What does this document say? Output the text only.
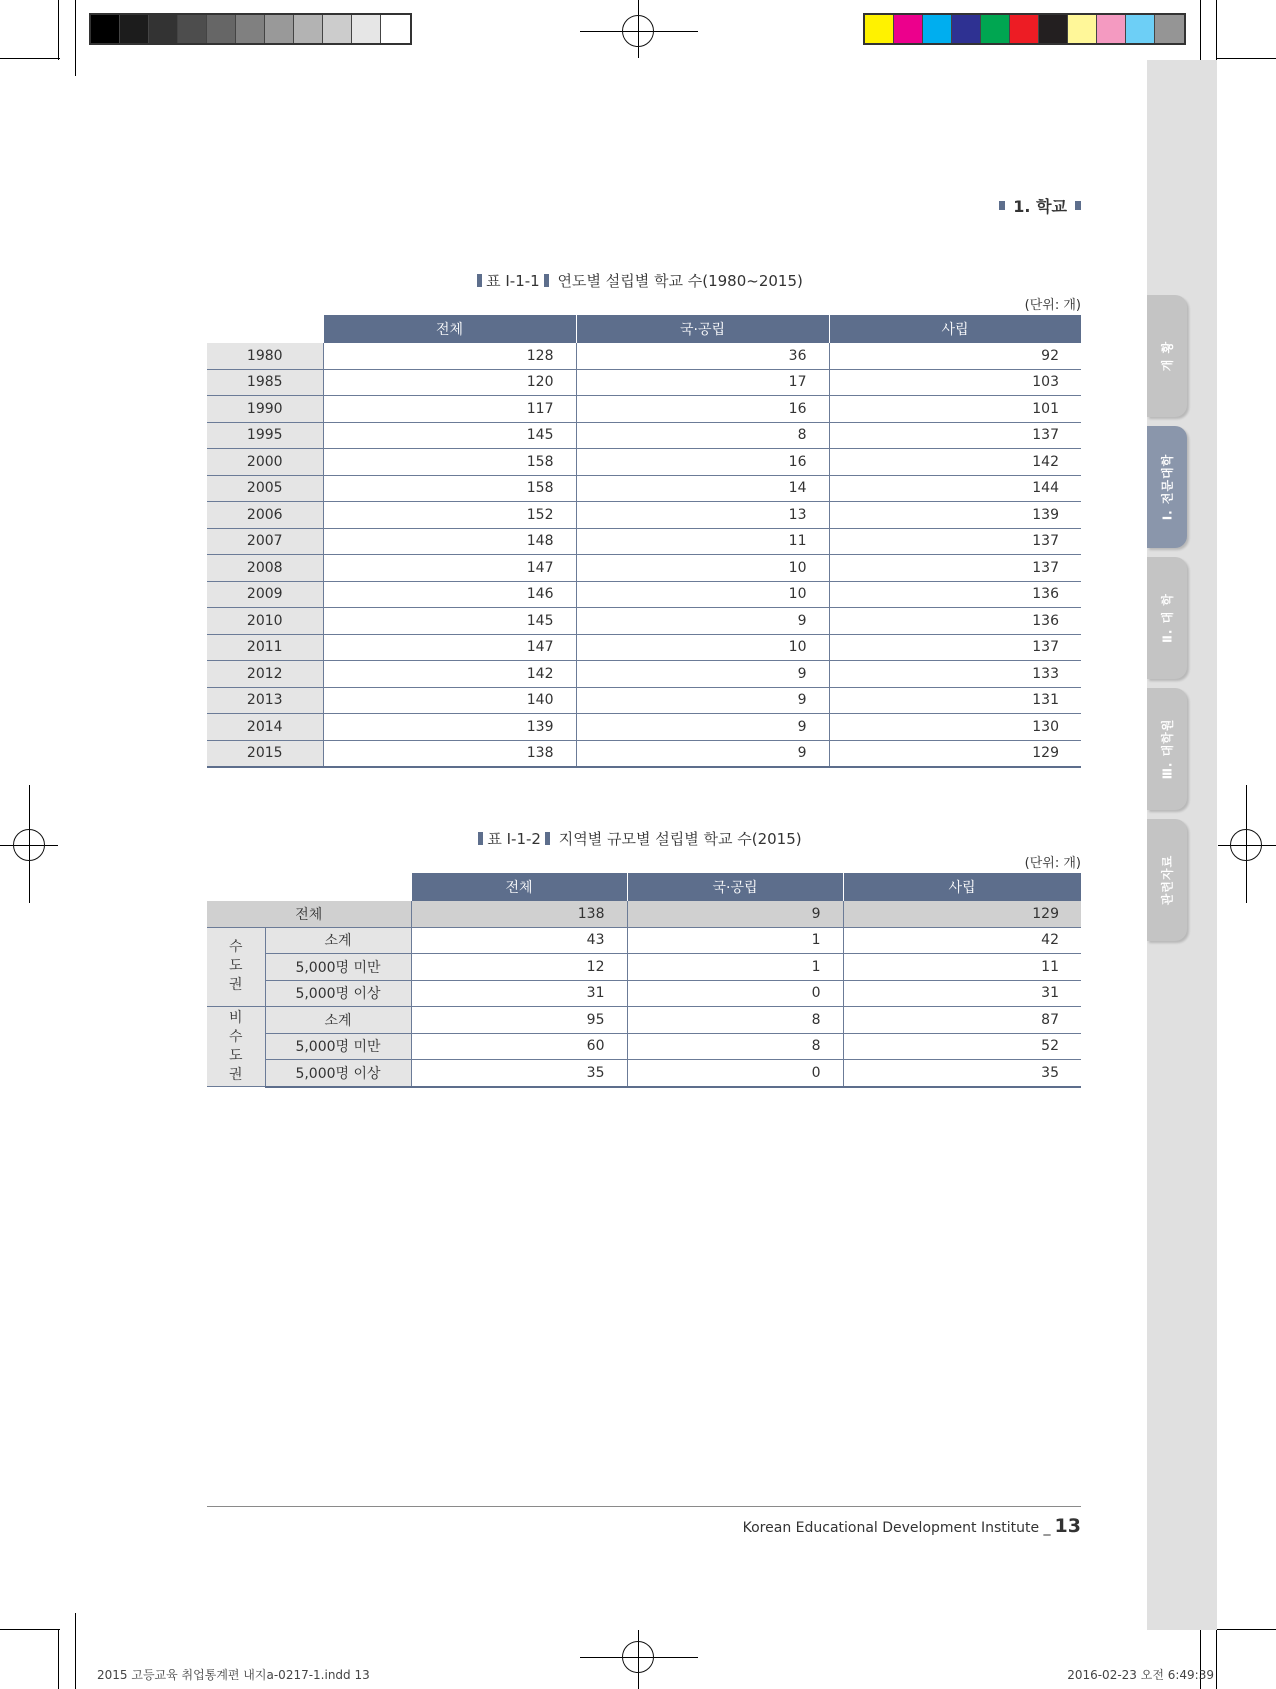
개 황
Ⅰ. 전문대학
Ⅱ. 대 학
Ⅲ. 대학원
관련자료
1. 학교
표 Ⅰ-1-1 연도별 설립별 학교 수(1980~2015)
(단위: 개)
	전체	국·공립	사립
1980	128	36	92
1985	120	17	103
1990	117	16	101
1995	145	8	137
2000	158	16	142
2005	158	14	144
2006	152	13	139
2007	148	11	137
2008	147	10	137
2009	146	10	136
2010	145	9	136
2011	147	10	137
2012	142	9	133
2013	140	9	131
2014	139	9	130
2015	138	9	129
표 Ⅰ-1-2 지역별 규모별 설립별 학교 수(2015)
(단위: 개)
		전체	국·공립	사립
전체		138	9	129
수
도
권	소계	43	1	42
	5,000명 미만	12	1	11
	5,000명 이상	31	0	31
비
수
도
권	소계	95	8	87
	5,000명 미만	60	8	52
	5,000명 이상	35	0	35
Korean Educational Development Institute _ 13
2015 고등교육 취업통계편 내지a-0217-1.indd 13	2016-02-23 오전 6:49:39
